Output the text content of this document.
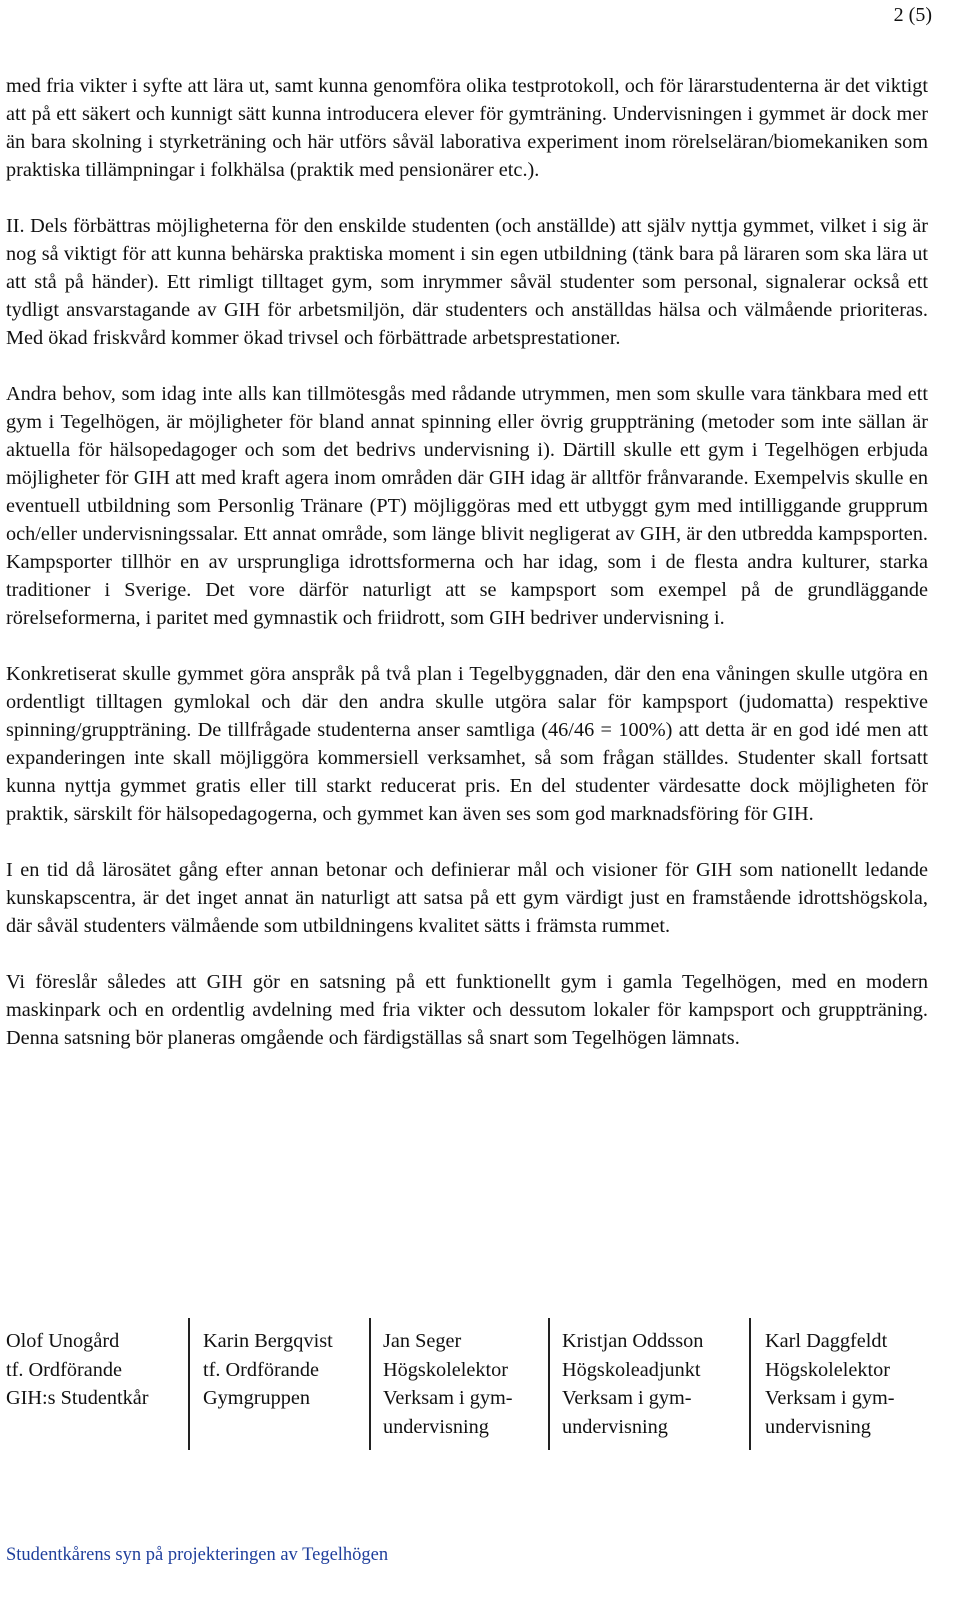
2 (5)

med fria vikter i syfte att lära ut, samt kunna genomföra olika testprotokoll, och för lärarstudenterna är det viktigt att på ett säkert och kunnigt sätt kunna introducera elever för gymträning. Undervisningen i gymmet är dock mer än bara skolning i styrketräning och här utförs såväl laborativa experiment inom rörelseläran/biomekaniken som praktiska tillämpningar i folkhälsa (praktik med pensionärer etc.).

II. Dels förbättras möjligheterna för den enskilde studenten (och anställde) att själv nyttja gymmet, vilket i sig är nog så viktigt för att kunna behärska praktiska moment i sin egen utbildning (tänk bara på läraren som ska lära ut att stå på händer). Ett rimligt tilltaget gym, som inrymmer såväl studenter som personal, signalerar också ett tydligt ansvarstagande av GIH för arbetsmiljön, där studenters och anställdas hälsa och välmående prioriteras. Med ökad friskvård kommer ökad trivsel och förbättrade arbetsprestationer.

Andra behov, som idag inte alls kan tillmötesgås med rådande utrymmen, men som skulle vara tänkbara med ett gym i Tegelhögen, är möjligheter för bland annat spinning eller övrig gruppträning (metoder som inte sällan är aktuella för hälsopedagoger och som det bedrivs undervisning i). Därtill skulle ett gym i Tegelhögen erbjuda möjligheter för GIH att med kraft agera inom områden där GIH idag är alltför frånvarande. Exempelvis skulle en eventuell utbildning som Personlig Tränare (PT) möjliggöras med ett utbyggt gym med intilliggande grupprum och/eller undervisningssalar. Ett annat område, som länge blivit negligerat av GIH, är den utbredda kampsporten. Kampsporter tillhör en av ursprungliga idrottsformerna och har idag, som i de flesta andra kulturer, starka traditioner i Sverige. Det vore därför naturligt att se kampsport som exempel på de grundläggande rörelseformerna, i paritet med gymnastik och friidrott, som GIH bedriver undervisning i.

Konkretiserat skulle gymmet göra anspråk på två plan i Tegelbyggnaden, där den ena våningen skulle utgöra en ordentligt tilltagen gymlokal och där den andra skulle utgöra salar för kampsport (judomatta) respektive spinning/gruppträning. De tillfrågade studenterna anser samtliga (46/46 = 100%) att detta är en god idé men att expanderingen inte skall möjliggöra kommersiell verksamhet, så som frågan ställdes. Studenter skall fortsatt kunna nyttja gymmet gratis eller till starkt reducerat pris. En del studenter värdesatte dock möjligheten för praktik, särskilt för hälsopedagogerna, och gymmet kan även ses som god marknadsföring för GIH.

I en tid då lärosätet gång efter annan betonar och definierar mål och visioner för GIH som nationellt ledande kunskapscentra, är det inget annat än naturligt att satsa på ett gym värdigt just en framstående idrottshögskola, där såväl studenters välmående som utbildningens kvalitet sätts i främsta rummet.

Vi föreslår således att GIH gör en satsning på ett funktionellt gym i gamla Tegelhögen, med en modern maskinpark och en ordentlig avdelning med fria vikter och dessutom lokaler för kampsport och gruppträning. Denna satsning bör planeras omgående och färdigställas så snart som Tegelhögen lämnats.

Olof Unogård
tf. Ordförande
GIH:s Studentkår
Karin Bergqvist
tf. Ordförande
Gymgruppen
Jan Seger
Högskolelektor
Verksam i gym-
undervisning
Kristjan Oddsson
Högskoleadjunkt
Verksam i gym-
undervisning
Karl Daggfeldt
Högskolelektor
Verksam i gym-
undervisning
Studentkårens syn på projekteringen av Tegelhögen
